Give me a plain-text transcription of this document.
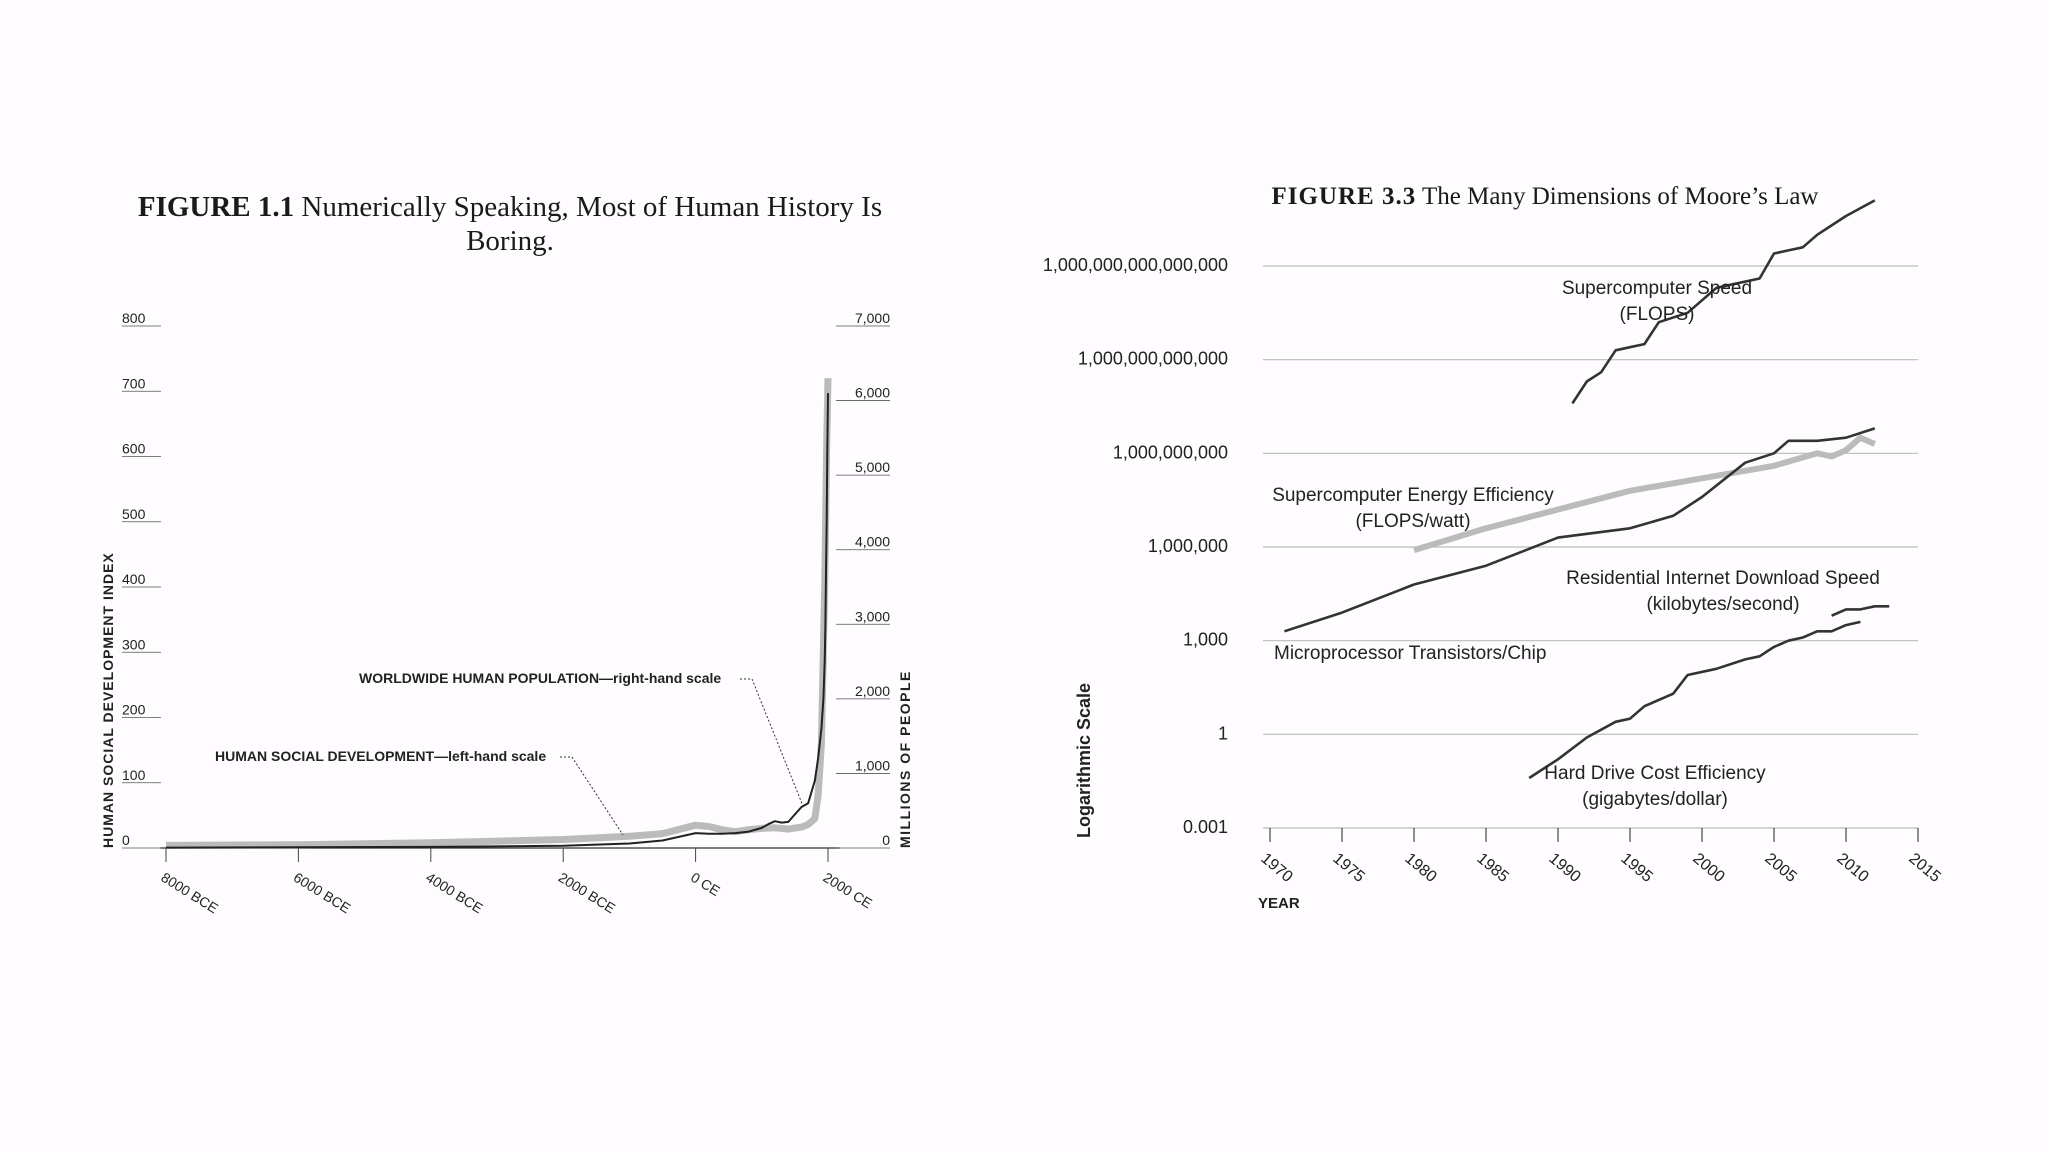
FIGURE 1.1 Numerically Speaking, Most of Human History Is Boring.
FIGURE 3.3 The Many Dimensions of Moore’s Law
8000 BCE	6000 BCE	4000 BCE	2000 BCE	0 CE	2000 CE
0
100
200
300
400
500
600
700
800
0
1,000
2,000
3,000
4,000
5,000
6,000
7,000
HUMAN SOCIAL DEVELOPMENT INDEX	MILLIONS OF PEOPLE
WORLDWIDE HUMAN POPULATION—right-hand scale
HUMAN SOCIAL DEVELOPMENT—left-hand scale
0.001
1
1,000
1,000,000
1,000,000,000
1,000,000,000,000
1,000,000,000,000,000
1970 1975 1980 1985 1990 1995 2000 2005 2010 2015
YEAR
Logarithmic Scale
Supercomputer Speed
(FLOPS)
Supercomputer Energy Efficiency
(FLOPS/watt)
Microprocessor Transistors/Chip
Residential Internet Download Speed
(kilobytes/second)
Hard Drive Cost Efficiency
(gigabytes/dollar)
